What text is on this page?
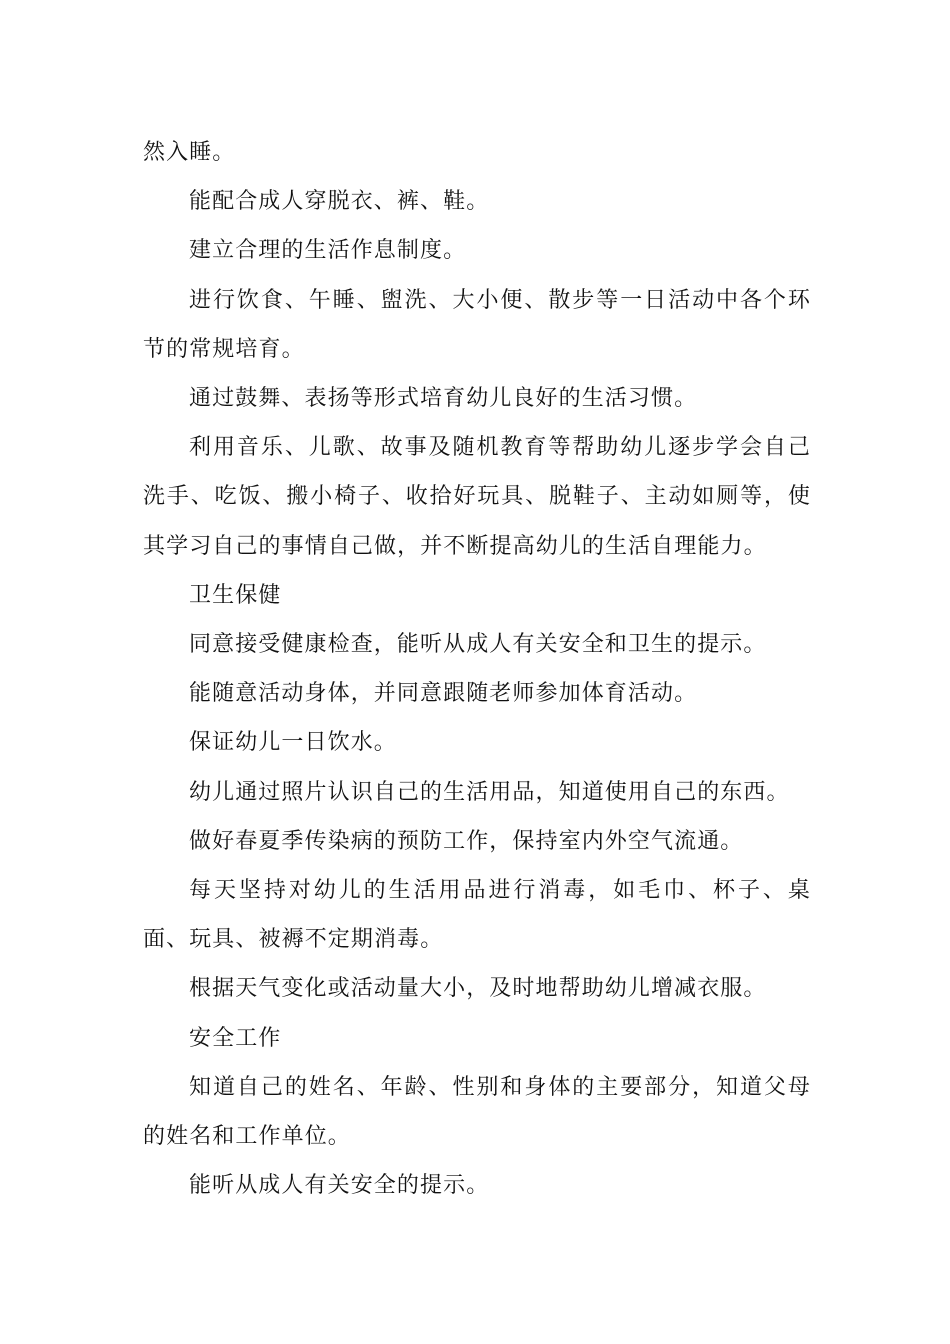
然入睡。

能配合成人穿脱衣、裤、鞋。

建立合理的生活作息制度。

进行饮食、午睡、盥洗、大小便、散步等一日活动中各个环节的常规培育。

通过鼓舞、表扬等形式培育幼儿良好的生活习惯。

利用音乐、儿歌、故事及随机教育等帮助幼儿逐步学会自己洗手、吃饭、搬小椅子、收拾好玩具、脱鞋子、主动如厕等，使其学习自己的事情自己做，并不断提高幼儿的生活自理能力。

卫生保健

同意接受健康检查，能听从成人有关安全和卫生的提示。

能随意活动身体，并同意跟随老师参加体育活动。

保证幼儿一日饮水。

幼儿通过照片认识自己的生活用品，知道使用自己的东西。

做好春夏季传染病的预防工作，保持室内外空气流通。

每天坚持对幼儿的生活用品进行消毒，如毛巾、杯子、桌面、玩具、被褥不定期消毒。

根据天气变化或活动量大小，及时地帮助幼儿增减衣服。

安全工作

知道自己的姓名、年龄、性别和身体的主要部分，知道父母的姓名和工作单位。

能听从成人有关安全的提示。
